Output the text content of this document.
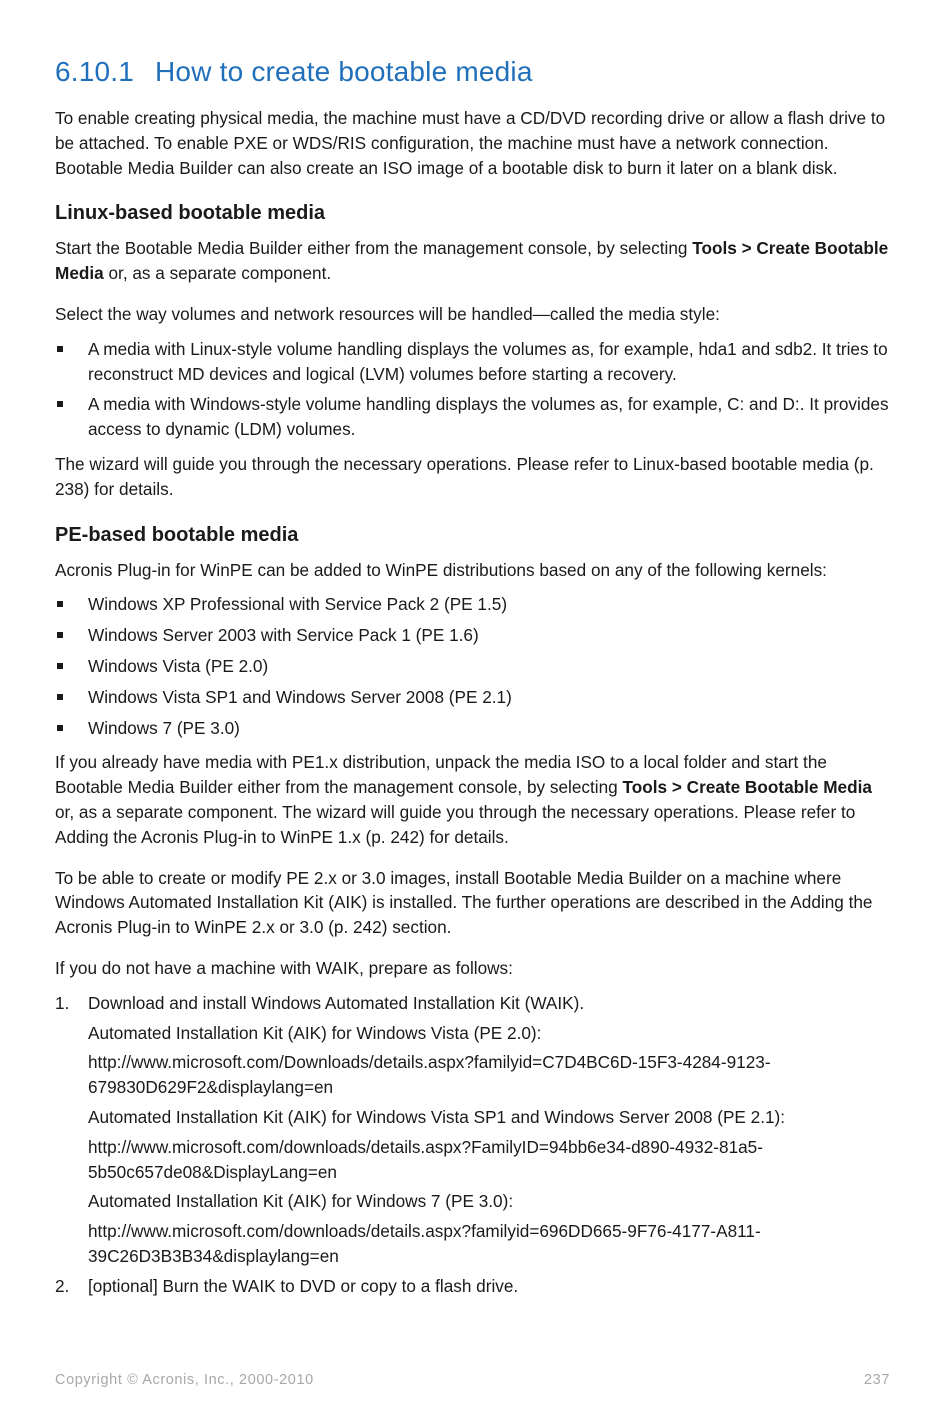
6.10.1 How to create bootable media

To enable creating physical media, the machine must have a CD/DVD recording drive or allow a flash drive to be attached. To enable PXE or WDS/RIS configuration, the machine must have a network connection. Bootable Media Builder can also create an ISO image of a bootable disk to burn it later on a blank disk.

Linux-based bootable media

Start the Bootable Media Builder either from the management console, by selecting Tools > Create Bootable Media or, as a separate component.

Select the way volumes and network resources will be handled—called the media style:

A media with Linux-style volume handling displays the volumes as, for example, hda1 and sdb2. It tries to reconstruct MD devices and logical (LVM) volumes before starting a recovery.
A media with Windows-style volume handling displays the volumes as, for example, C: and D:. It provides access to dynamic (LDM) volumes.

The wizard will guide you through the necessary operations. Please refer to Linux-based bootable media (p. 238) for details.

PE-based bootable media

Acronis Plug-in for WinPE can be added to WinPE distributions based on any of the following kernels:

Windows XP Professional with Service Pack 2 (PE 1.5)
Windows Server 2003 with Service Pack 1 (PE 1.6)
Windows Vista (PE 2.0)
Windows Vista SP1 and Windows Server 2008 (PE 2.1)
Windows 7 (PE 3.0)

If you already have media with PE1.x distribution, unpack the media ISO to a local folder and start the Bootable Media Builder either from the management console, by selecting Tools > Create Bootable Media or, as a separate component. The wizard will guide you through the necessary operations. Please refer to Adding the Acronis Plug-in to WinPE 1.x (p. 242) for details.

To be able to create or modify PE 2.x or 3.0 images, install Bootable Media Builder on a machine where Windows Automated Installation Kit (AIK) is installed. The further operations are described in the Adding the Acronis Plug-in to WinPE 2.x or 3.0 (p. 242) section.

If you do not have a machine with WAIK, prepare as follows:

1. Download and install Windows Automated Installation Kit (WAIK).
Automated Installation Kit (AIK) for Windows Vista (PE 2.0):
http://www.microsoft.com/Downloads/details.aspx?familyid=C7D4BC6D-15F3-4284-9123-679830D629F2&displaylang=en
Automated Installation Kit (AIK) for Windows Vista SP1 and Windows Server 2008 (PE 2.1):
http://www.microsoft.com/downloads/details.aspx?FamilyID=94bb6e34-d890-4932-81a5-5b50c657de08&DisplayLang=en
Automated Installation Kit (AIK) for Windows 7 (PE 3.0):
http://www.microsoft.com/downloads/details.aspx?familyid=696DD665-9F76-4177-A811-39C26D3B3B34&displaylang=en
2. [optional] Burn the WAIK to DVD or copy to a flash drive.
Copyright © Acronis, Inc., 2000-2010	237
